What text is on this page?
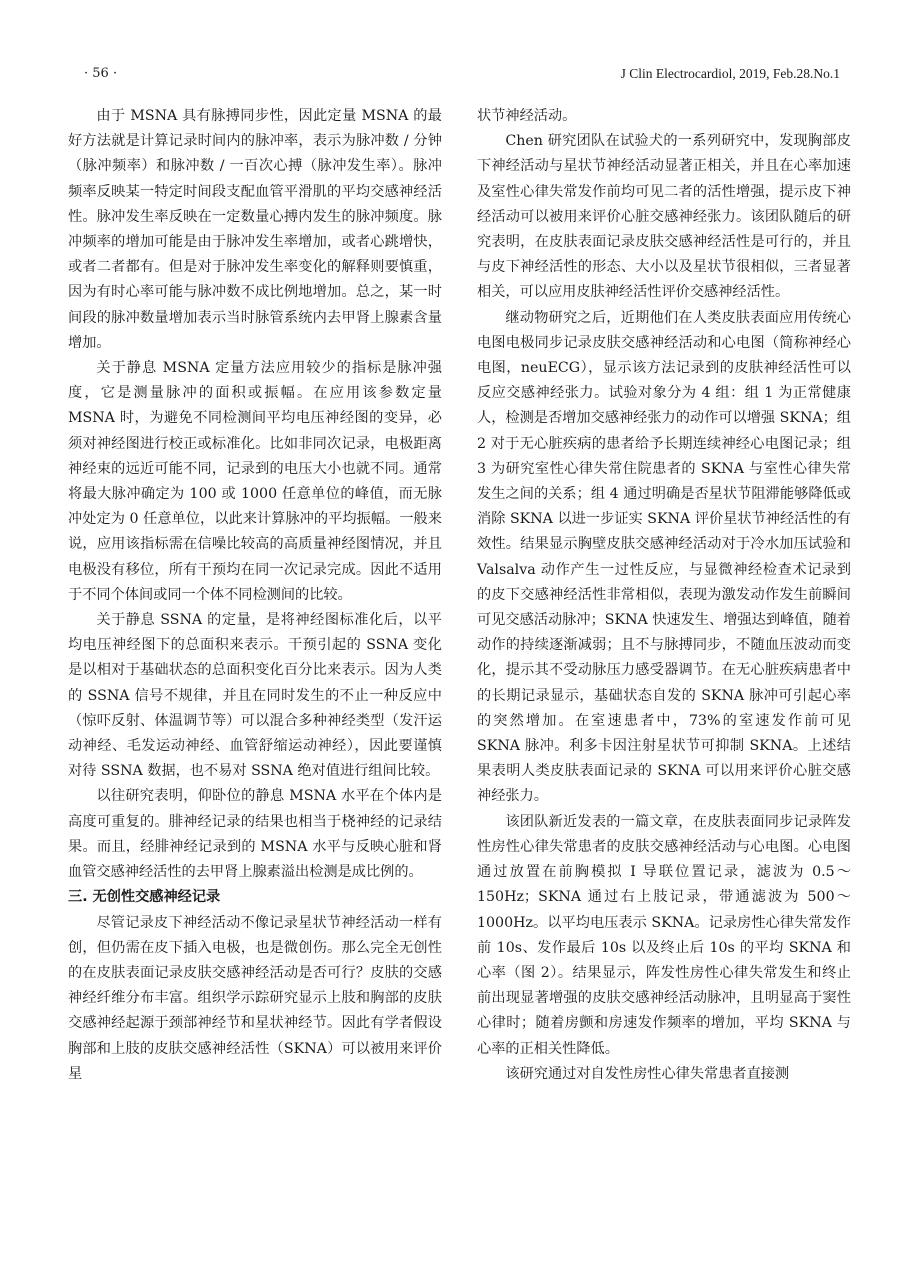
· 56 ·	J Clin Electrocardiol, 2019, Feb.28.No.1

由于 MSNA 具有脉搏同步性，因此定量 MSNA 的最好方法就是计算记录时间内的脉冲率，表示为脉冲数 / 分钟（脉冲频率）和脉冲数 / 一百次心搏（脉冲发生率）。脉冲频率反映某一特定时间段支配血管平滑肌的平均交感神经活性。脉冲发生率反映在一定数量心搏内发生的脉冲频度。脉冲频率的增加可能是由于脉冲发生率增加，或者心跳增快，或者二者都有。但是对于脉冲发生率变化的解释则要慎重，因为有时心率可能与脉冲数不成比例地增加。总之，某一时间段的脉冲数量增加表示当时脉管系统内去甲肾上腺素含量增加。

关于静息 MSNA 定量方法应用较少的指标是脉冲强度，它是测量脉冲的面积或振幅。在应用该参数定量 MSNA 时，为避免不同检测间平均电压神经图的变异，必须对神经图进行校正或标准化。比如非同次记录，电极距离神经束的远近可能不同，记录到的电压大小也就不同。通常将最大脉冲确定为 100 或 1000 任意单位的峰值，而无脉冲处定为 0 任意单位，以此来计算脉冲的平均振幅。一般来说，应用该指标需在信噪比较高的高质量神经图情况，并且电极没有移位，所有干预均在同一次记录完成。因此不适用于不同个体间或同一个体不同检测间的比较。

关于静息 SSNA 的定量，是将神经图标准化后，以平均电压神经图下的总面积来表示。干预引起的 SSNA 变化是以相对于基础状态的总面积变化百分比来表示。因为人类的 SSNA 信号不规律，并且在同时发生的不止一种反应中（惊吓反射、体温调节等）可以混合多种神经类型（发汗运动神经、毛发运动神经、血管舒缩运动神经），因此要谨慎对待 SSNA 数据，也不易对 SSNA 绝对值进行组间比较。

以往研究表明，仰卧位的静息 MSNA 水平在个体内是高度可重复的。腓神经记录的结果也相当于桡神经的记录结果。而且，经腓神经记录到的 MSNA 水平与反映心脏和肾血管交感神经活性的去甲肾上腺素溢出检测是成比例的。

三. 无创性交感神经记录

尽管记录皮下神经活动不像记录星状节神经活动一样有创，但仍需在皮下插入电极，也是微创伤。那么完全无创性的在皮肤表面记录皮肤交感神经活动是否可行？皮肤的交感神经纤维分布丰富。组织学示踪研究显示上肢和胸部的皮肤交感神经起源于颈部神经节和星状神经节。因此有学者假设胸部和上肢的皮肤交感神经活性（SKNA）可以被用来评价星

状节神经活动。

Chen 研究团队在试验犬的一系列研究中，发现胸部皮下神经活动与星状节神经活动显著正相关，并且在心率加速及室性心律失常发作前均可见二者的活性增强，提示皮下神经活动可以被用来评价心脏交感神经张力。该团队随后的研究表明，在皮肤表面记录皮肤交感神经活性是可行的，并且与皮下神经活性的形态、大小以及星状节很相似，三者显著相关，可以应用皮肤神经活性评价交感神经活性。

继动物研究之后，近期他们在人类皮肤表面应用传统心电图电极同步记录皮肤交感神经活动和心电图（简称神经心电图，neuECG），显示该方法记录到的皮肤神经活性可以反应交感神经张力。试验对象分为 4 组：组 1 为正常健康人，检测是否增加交感神经张力的动作可以增强 SKNA；组 2 对于无心脏疾病的患者给予长期连续神经心电图记录；组 3 为研究室性心律失常住院患者的 SKNA 与室性心律失常发生之间的关系；组 4 通过明确是否星状节阻滞能够降低或消除 SKNA 以进一步证实 SKNA 评价星状节神经活性的有效性。结果显示胸壁皮肤交感神经活动对于冷水加压试验和 Valsalva 动作产生一过性反应，与显微神经检查术记录到的皮下交感神经活性非常相似，表现为激发动作发生前瞬间可见交感活动脉冲；SKNA 快速发生、增强达到峰值，随着动作的持续逐渐减弱；且不与脉搏同步，不随血压波动而变化，提示其不受动脉压力感受器调节。在无心脏疾病患者中的长期记录显示，基础状态自发的 SKNA 脉冲可引起心率的突然增加。在室速患者中，73%的室速发作前可见 SKNA 脉冲。利多卡因注射星状节可抑制 SKNA。上述结果表明人类皮肤表面记录的 SKNA 可以用来评价心脏交感神经张力。

该团队新近发表的一篇文章，在皮肤表面同步记录阵发性房性心律失常患者的皮肤交感神经活动与心电图。心电图通过放置在前胸模拟 I 导联位置记录，滤波为 0.5～150Hz；SKNA 通过右上肢记录，带通滤波为 500～1000Hz。以平均电压表示 SKNA。记录房性心律失常发作前 10s、发作最后 10s 以及终止后 10s 的平均 SKNA 和心率（图 2）。结果显示，阵发性房性心律失常发生和终止前出现显著增强的皮肤交感神经活动脉冲，且明显高于窦性心律时；随着房颤和房速发作频率的增加，平均 SKNA 与心率的正相关性降低。

该研究通过对自发性房性心律失常患者直接测
